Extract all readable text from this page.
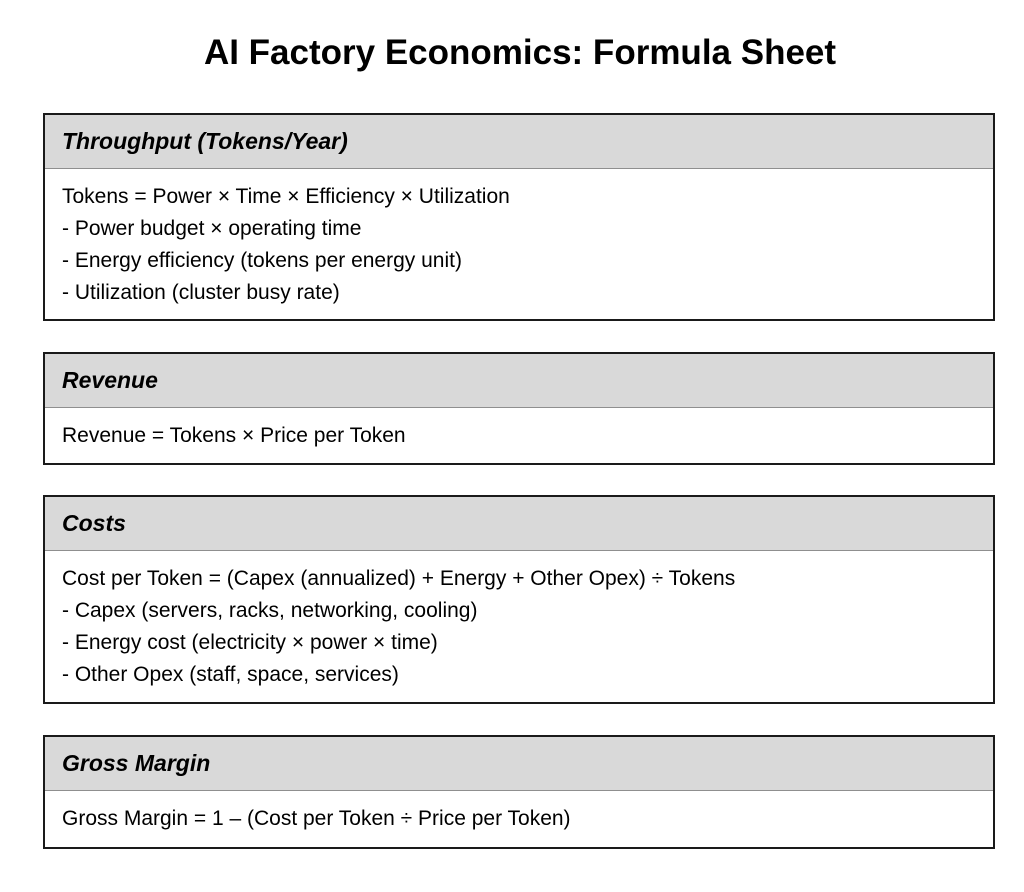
AI Factory Economics: Formula Sheet
Throughput (Tokens/Year)
Tokens = Power × Time × Efficiency × Utilization
- Power budget × operating time
- Energy efficiency (tokens per energy unit)
- Utilization (cluster busy rate)
Revenue
Revenue = Tokens × Price per Token
Costs
Cost per Token = (Capex (annualized) + Energy + Other Opex) ÷ Tokens
- Capex (servers, racks, networking, cooling)
- Energy cost (electricity × power × time)
- Other Opex (staff, space, services)
Gross Margin
Gross Margin = 1 – (Cost per Token ÷ Price per Token)
